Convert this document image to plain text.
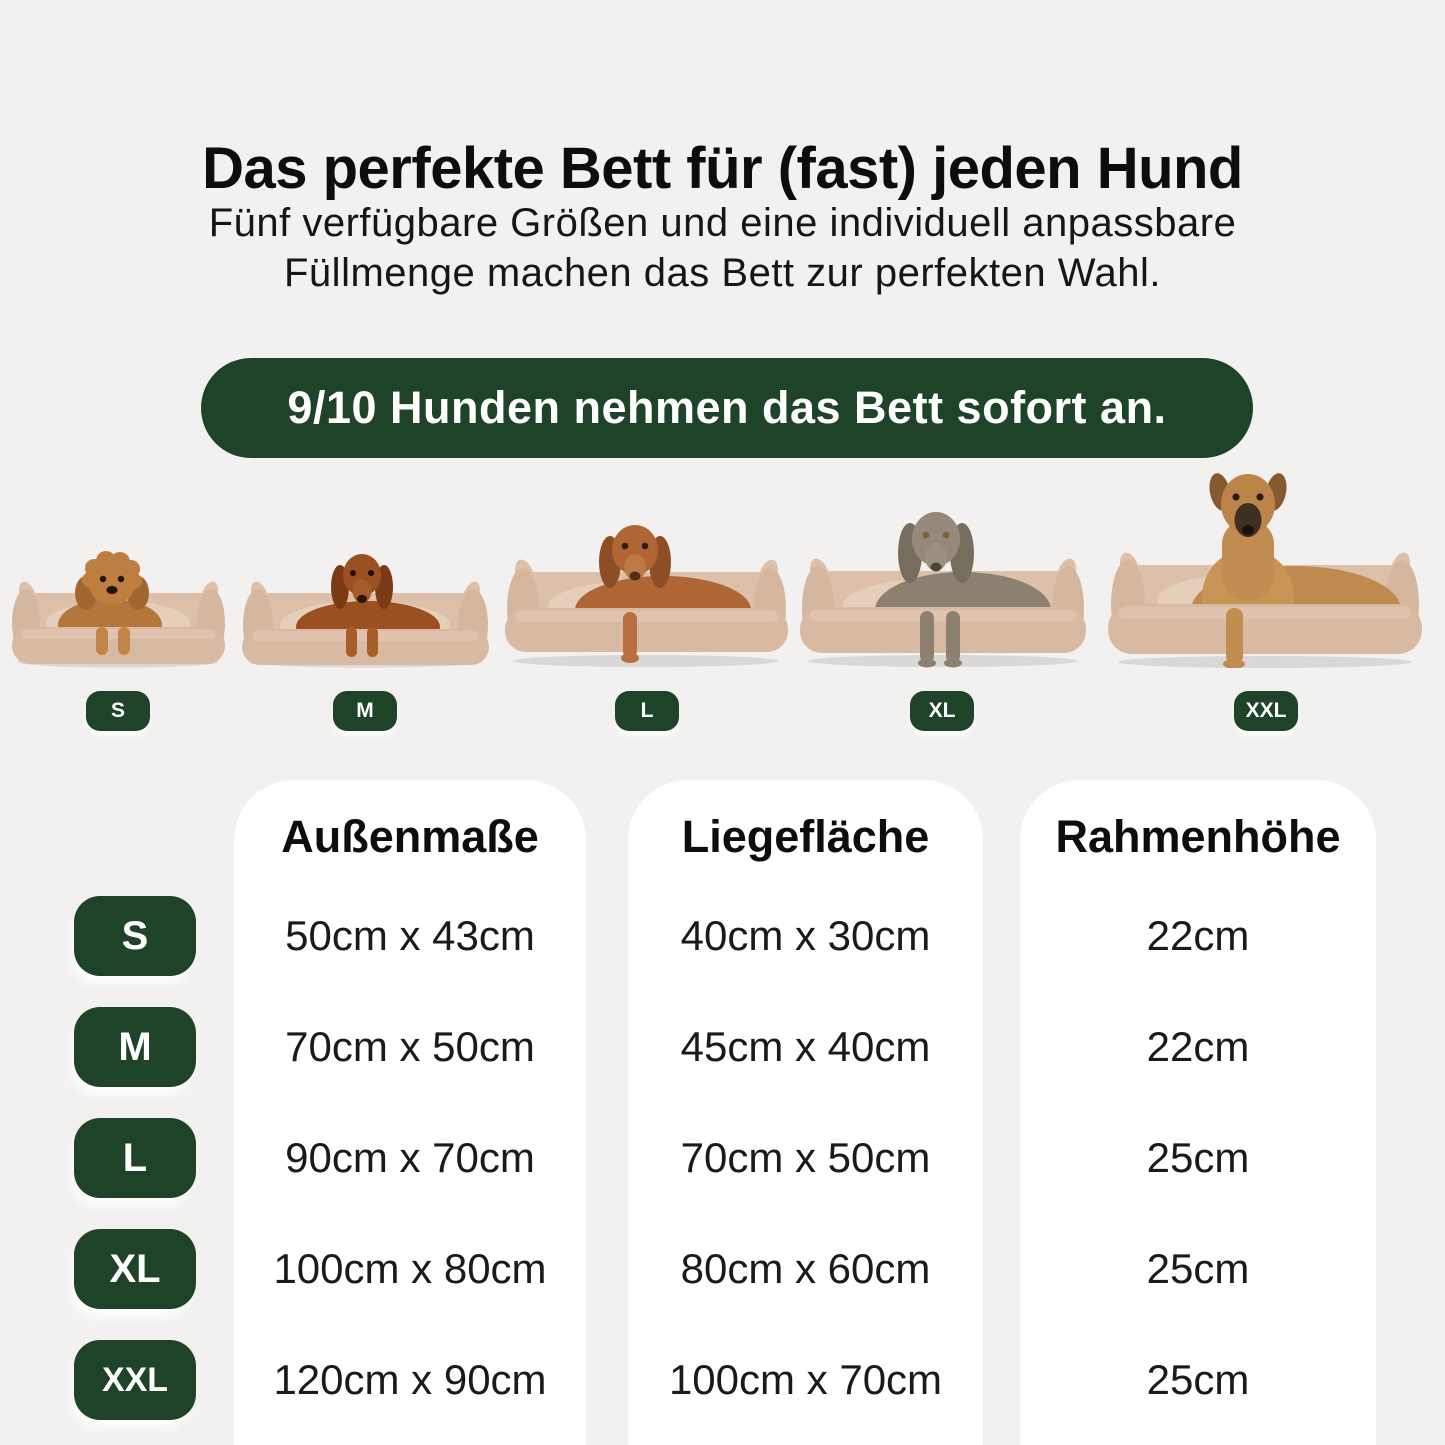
Das perfekte Bett für (fast) jeden Hund
Fünf verfügbare Größen und eine individuell anpassbare
Füllmenge machen das Bett zur perfekten Wahl.
9/10 Hunden nehmen das Bett sofort an.
S	M	L	XL	XXL
Außenmaße	Liegefläche	Rahmenhöhe
S	50cm x 43cm	40cm x 30cm	22cm
M	70cm x 50cm	45cm x 40cm	22cm
L	90cm x 70cm	70cm x 50cm	25cm
XL	100cm x 80cm	80cm x 60cm	25cm
XXL	120cm x 90cm	100cm x 70cm	25cm
